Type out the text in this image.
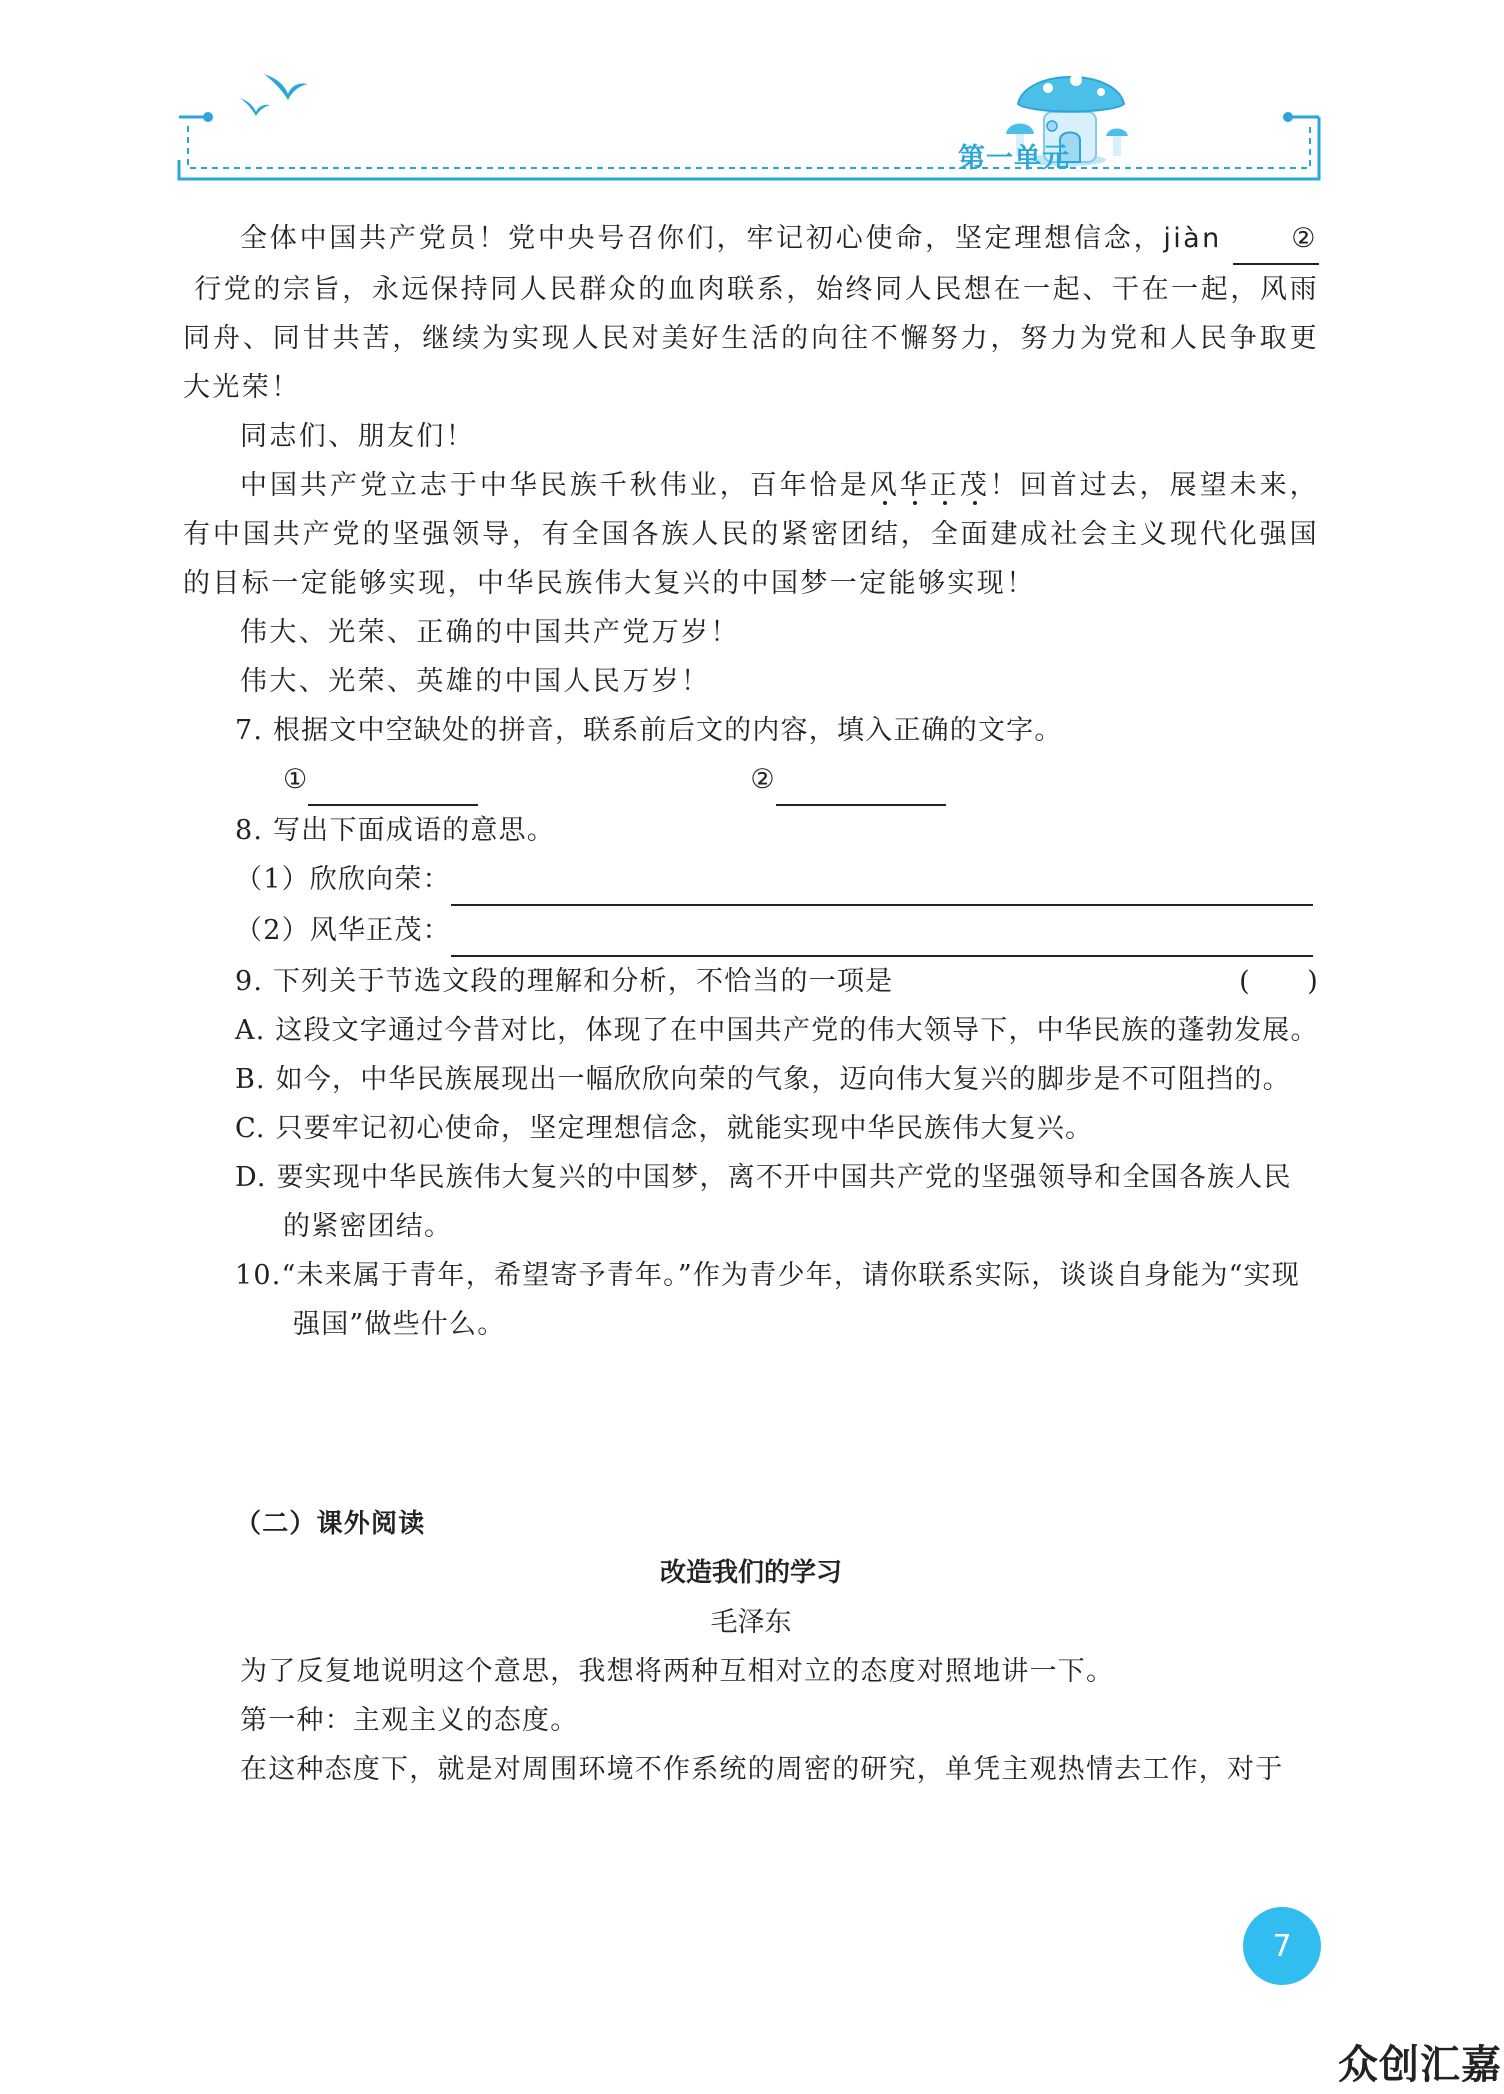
第一单元

全体中国共产党员！党中央号召你们，牢记初心使命，坚定理想信念，jiàn	② 行党的宗旨，永远保持同人民群众的血肉联系，始终同人民想在一起、干在一起，风雨同舟、同甘共苦，继续为实现人民对美好生活的向往不懈努力，努力为党和人民争取更大光荣！

同志们、朋友们！

中国共产党立志于中华民族千秋伟业，百年恰是风华正茂！回首过去，展望未来，有中国共产党的坚强领导，有全国各族人民的紧密团结，全面建成社会主义现代化强国的目标一定能够实现，中华民族伟大复兴的中国梦一定能够实现！

伟大、光荣、正确的中国共产党万岁！

伟大、光荣、英雄的中国人民万岁！

7. 根据文中空缺处的拼音，联系前后文的内容，填入正确的文字。
①	②
8. 写出下面成语的意思。
（1）欣欣向荣：
（2）风华正茂：
9. 下列关于节选文段的理解和分析，不恰当的一项是	(　　)

A. 这段文字通过今昔对比，体现了在中国共产党的伟大领导下，中华民族的蓬勃发展。

B. 如今，中华民族展现出一幅欣欣向荣的气象，迈向伟大复兴的脚步是不可阻挡的。

C. 只要牢记初心使命，坚定理想信念，就能实现中华民族伟大复兴。

D. 要实现中华民族伟大复兴的中国梦，离不开中国共产党的坚强领导和全国各族人民的紧密团结。

10.“未来属于青年，希望寄予青年。”作为青少年，请你联系实际，谈谈自身能为“实现强国”做些什么。

（二）课外阅读
改造我们的学习
毛泽东

为了反复地说明这个意思，我想将两种互相对立的态度对照地讲一下。

第一种：主观主义的态度。

在这种态度下，就是对周围环境不作系统的周密的研究，单凭主观热情去工作，对于

7
众创汇嘉
